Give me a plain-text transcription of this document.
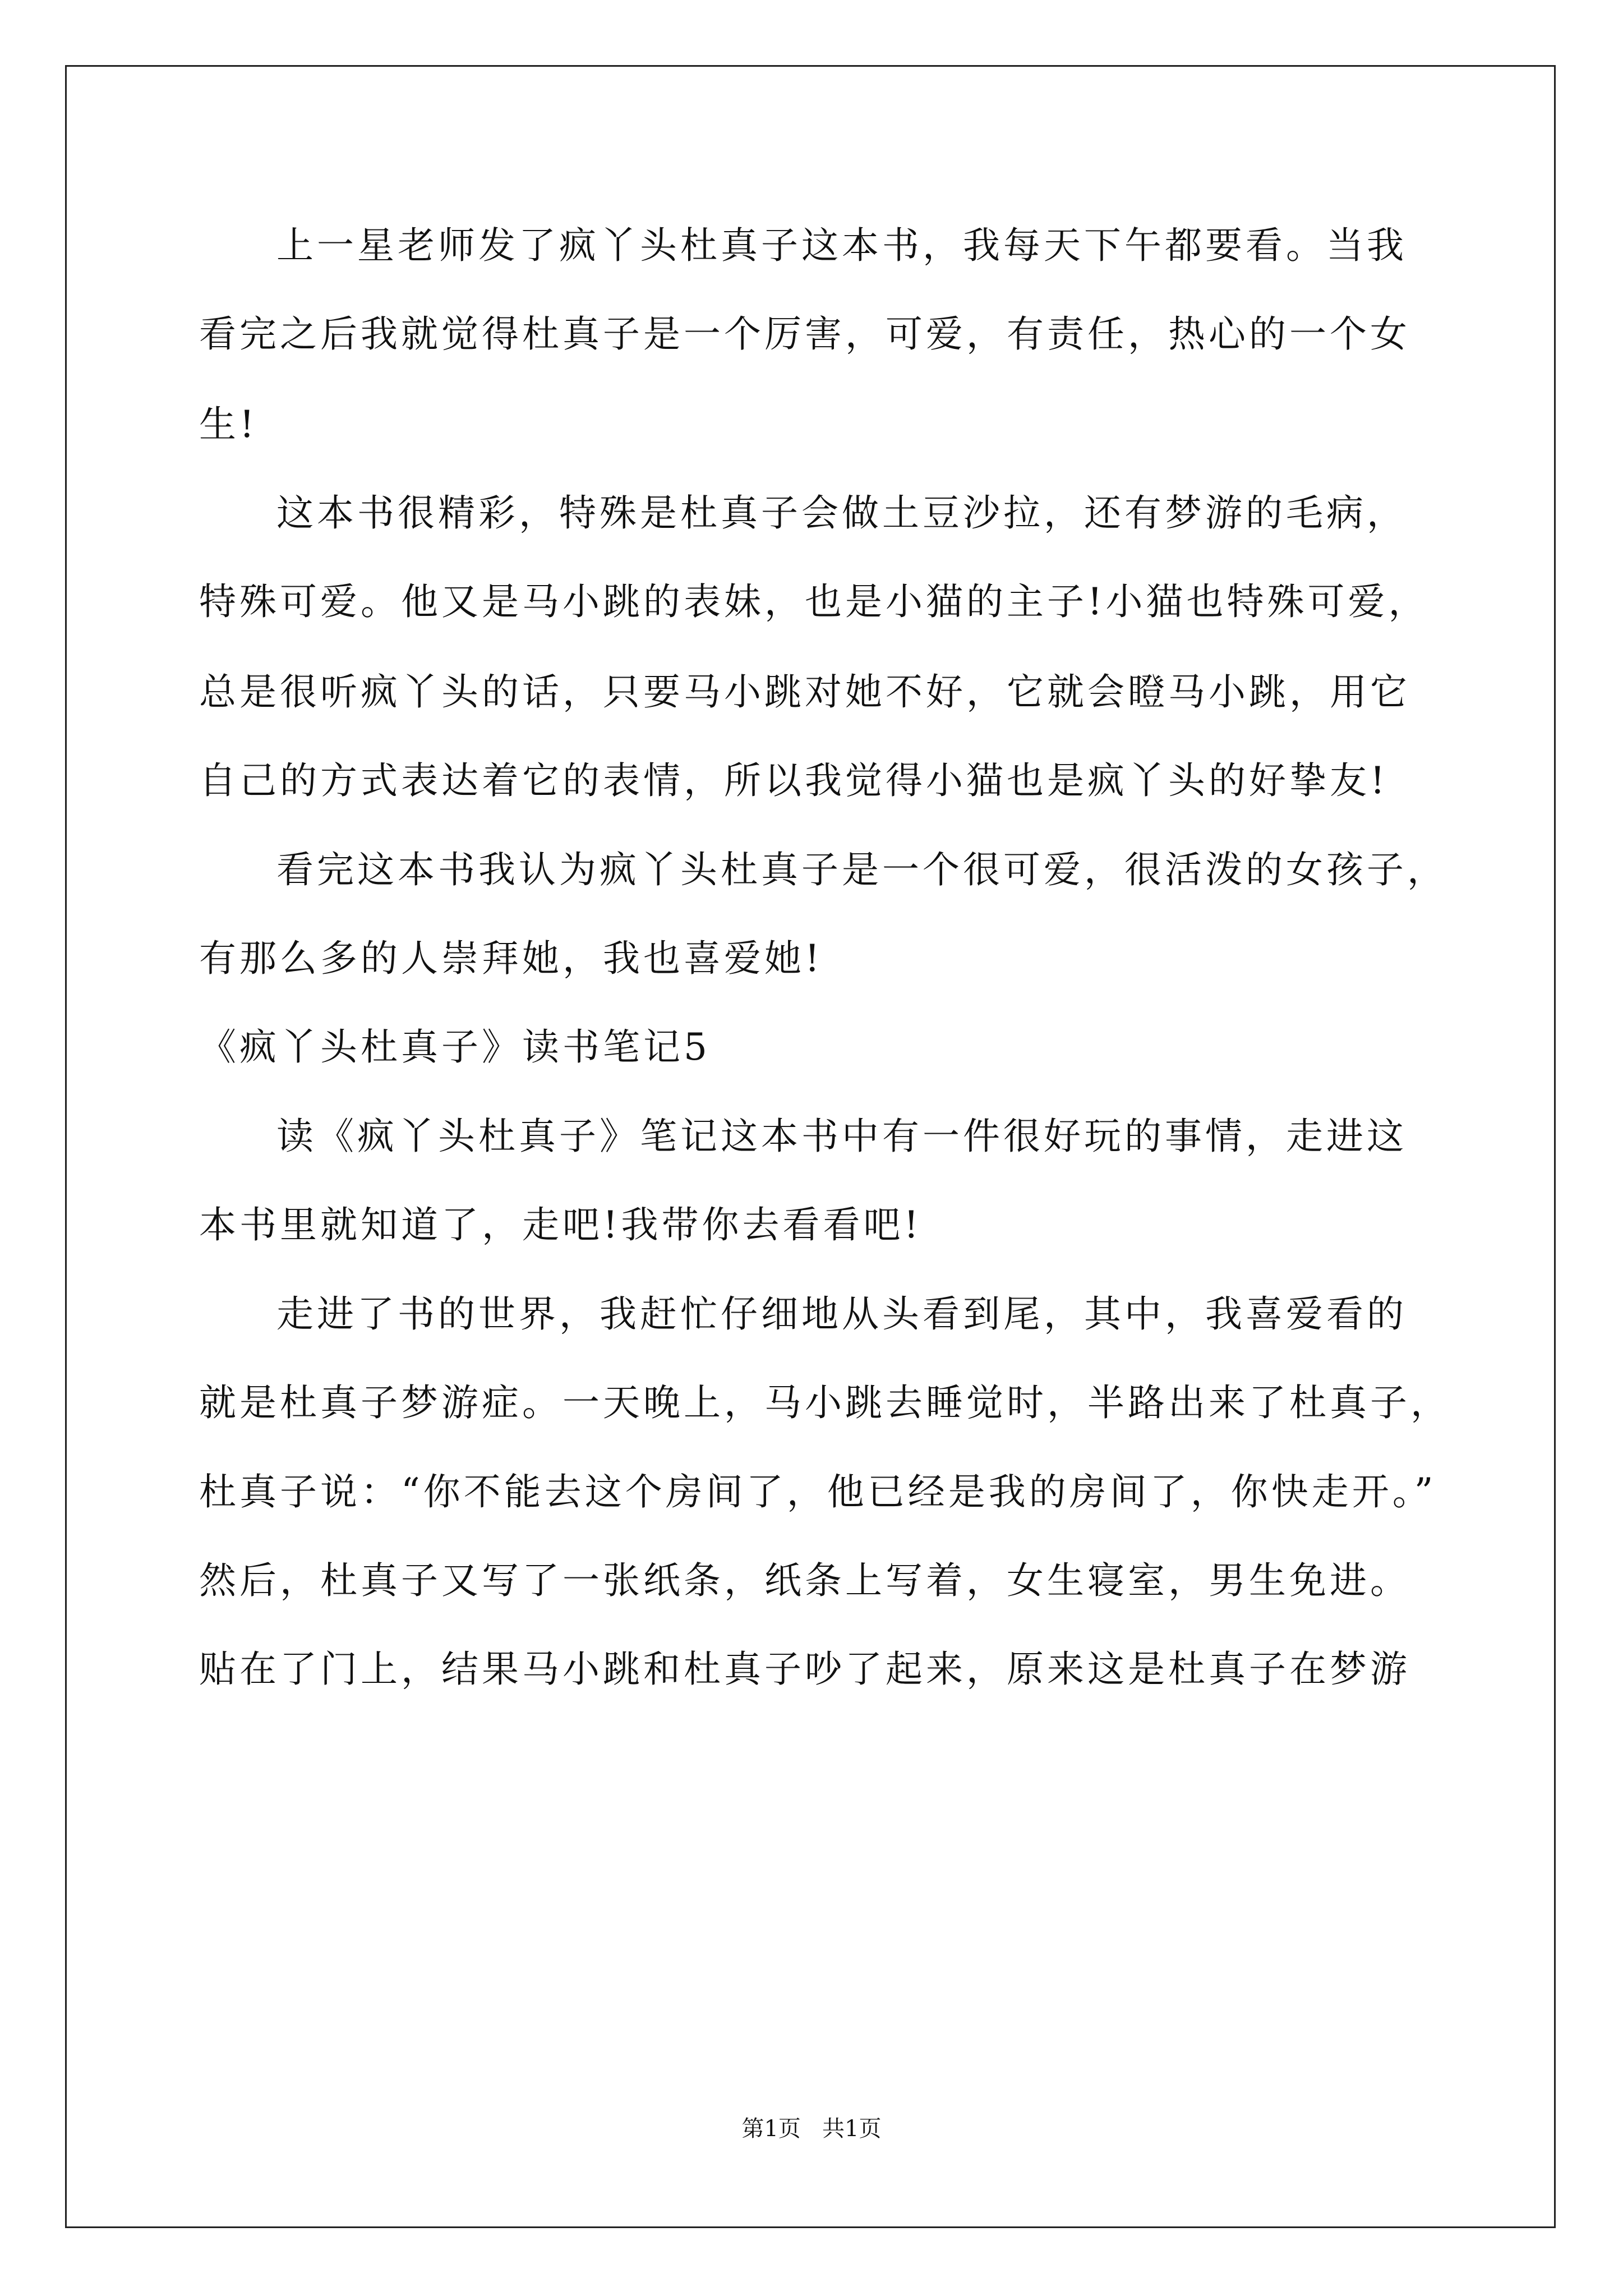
上一星老师发了疯丫头杜真子这本书，我每天下午都要看。当我
看完之后我就觉得杜真子是一个厉害，可爱，有责任，热心的一个女
生!
这本书很精彩，特殊是杜真子会做土豆沙拉，还有梦游的毛病，
特殊可爱。他又是马小跳的表妹，也是小猫的主子!小猫也特殊可爱，
总是很听疯丫头的话，只要马小跳对她不好，它就会瞪马小跳，用它
自己的方式表达着它的表情，所以我觉得小猫也是疯丫头的好挚友!
看完这本书我认为疯丫头杜真子是一个很可爱，很活泼的女孩子，
有那么多的人崇拜她，我也喜爱她!
《疯丫头杜真子》读书笔记5
读《疯丫头杜真子》笔记这本书中有一件很好玩的事情，走进这
本书里就知道了，走吧!我带你去看看吧!
走进了书的世界，我赶忙仔细地从头看到尾，其中，我喜爱看的
就是杜真子梦游症。一天晚上，马小跳去睡觉时，半路出来了杜真子，
杜真子说：“你不能去这个房间了，他已经是我的房间了，你快走开。”
然后，杜真子又写了一张纸条，纸条上写着，女生寝室，男生免进。
贴在了门上，结果马小跳和杜真子吵了起来，原来这是杜真子在梦游
第1页   共1页
